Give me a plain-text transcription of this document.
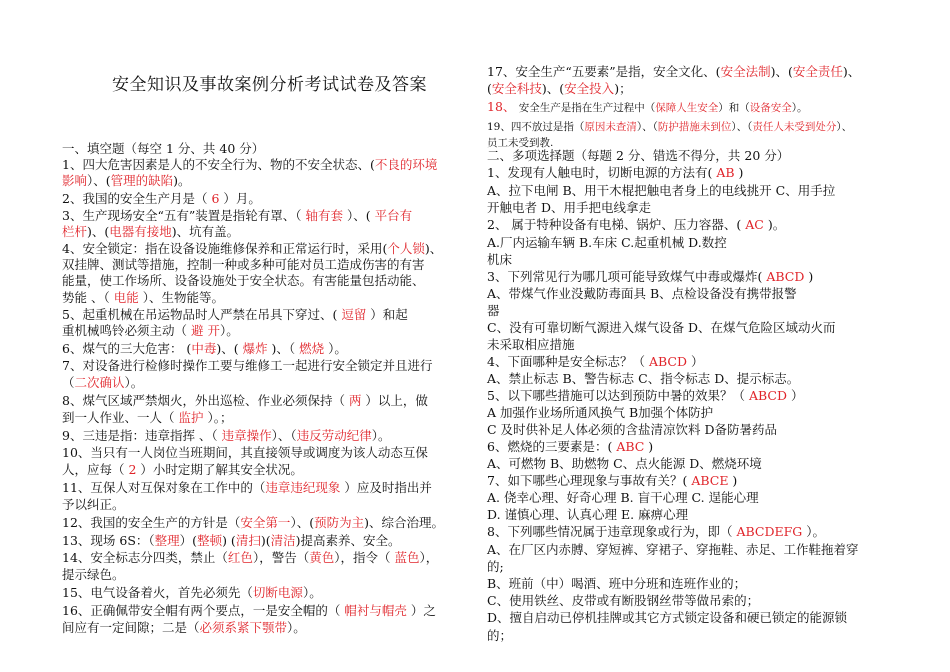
安全知识及事故案例分析考试试卷及答案
一、填空题（每空 1 分、共 40 分）
1、四大危害因素是人的不安全行为、物的不安全状态、(不良的环境
影响）、(管理的缺陷)。
2、我国的安全生产月是（ 6 ）月。
3、生产现场安全“五有”装置是指轮有罩、（ 轴有套 ）、( 平台有
栏杆)、(电器有接地)、坑有盖。
4、安全锁定：指在设备设施维修保养和正常运行时，采用(个人锁)、
双挂牌、测试等措施，控制一种或多种可能对员工造成伤害的有害
能量，使工作场所、设备设施处于安全状态。有害能量包括动能、
势能 、（ 电能 ）、生物能等。
5、起重机械在吊运物品时人严禁在吊具下穿过、( 逗留 ）和起
重机械鸣铃必须主动（ 避 开）。
6、煤气的三大危害： (中毒)、( 爆炸 )、（ 燃烧 ）。
7、对设备进行检修时操作工要与维修工一起进行安全锁定并且进行
（二次确认）。
8、煤气区域严禁烟火，外出巡检、作业必须保持（ 两 ）以上，做
到一人作业、一人（ 监护 ）。；
9、三违是指：违章指挥 、（ 违章操作）、（违反劳动纪律）。
10、当只有一人岗位当班期间，其直接领导或调度为该人动态互保
人，应每（ 2 ）小时定期了解其安全状况。
11、互保人对互保对象在工作中的（违章违纪现象 ）应及时指出并
予以纠正。
12、我国的安全生产的方针是（安全第一）、(预防为主)、综合治理。
13、现场 6S：（整理）(整顿) (清扫)(清洁)提高素养、安全。
14、安全标志分四类，禁止（红色），警告（黄色），指令（ 蓝色），
提示绿色。
15、电气设备着火，首先必须先（切断电源）。
16、正确佩带安全帽有两个要点，一是安全帽的（ 帽衬与帽壳 ）之
间应有一定间隙；二是（必须系紧下颚带）。
17、安全生产“五要素”是指，安全文化、(安全法制)、(安全责任)、
(安全科技)、(安全投入)；
18、 安全生产是指在生产过程中（保障人生安全）和（设备安全）。
19、四不放过是指（原因未查清）、（防护措施未到位）、（责任人未受到处分）、
员工未受到教.
二、多项选择题（每题 2 分、错选不得分，共 20 分）
1、发现有人触电时，切断电源的方法有( AB )
A、拉下电闸 B、用干木棍把触电者身上的电线挑开 C、用手拉
开触电者 D、用手把电线拿走
2、 属于特种设备有电梯、锅炉、压力容器、( AC )。
A.厂内运输车辆 B.车床 C.起重机械 D.数控
机床
3、下列常见行为哪几项可能导致煤气中毒或爆炸( ABCD )
A、带煤气作业没戴防毒面具 B、点检设备没有携带报警
器
C、没有可靠切断气源进入煤气设备 D、在煤气危险区域动火而
未采取相应措施
4、下面哪种是安全标志？（ ABCD ）
A、禁止标志 B、警告标志 C、指令标志 D、提示标志。
5、以下哪些措施可以达到预防中暑的效果？（ ABCD ）
A 加强作业场所通风换气 B加强个体防护
C 及时供补足人体必须的含盐清凉饮料 D备防暑药品
6、燃烧的三要素是：( ABC )
A、可燃物 B、助燃物 C、点火能源 D、燃烧环境
7、如下哪些心理现象与事故有关？( ABCE )
A. 侥幸心理、好奇心理 B. 盲干心理 C. 逞能心理
D. 谨慎心理、认真心理 E. 麻痹心理
8、下列哪些情况属于违章现象或行为，即（ ABCDEFG ）。
A、在厂区内赤膊、穿短裤、穿裙子、穿拖鞋、赤足、工作鞋拖着穿
的;
B、班前（中）喝酒、班中分班和连班作业的；
C、使用铁丝、皮带或有断股钢丝带等做吊索的；
D、擅自启动已停机挂牌或其它方式锁定设备和硬已锁定的能源锁
的；
